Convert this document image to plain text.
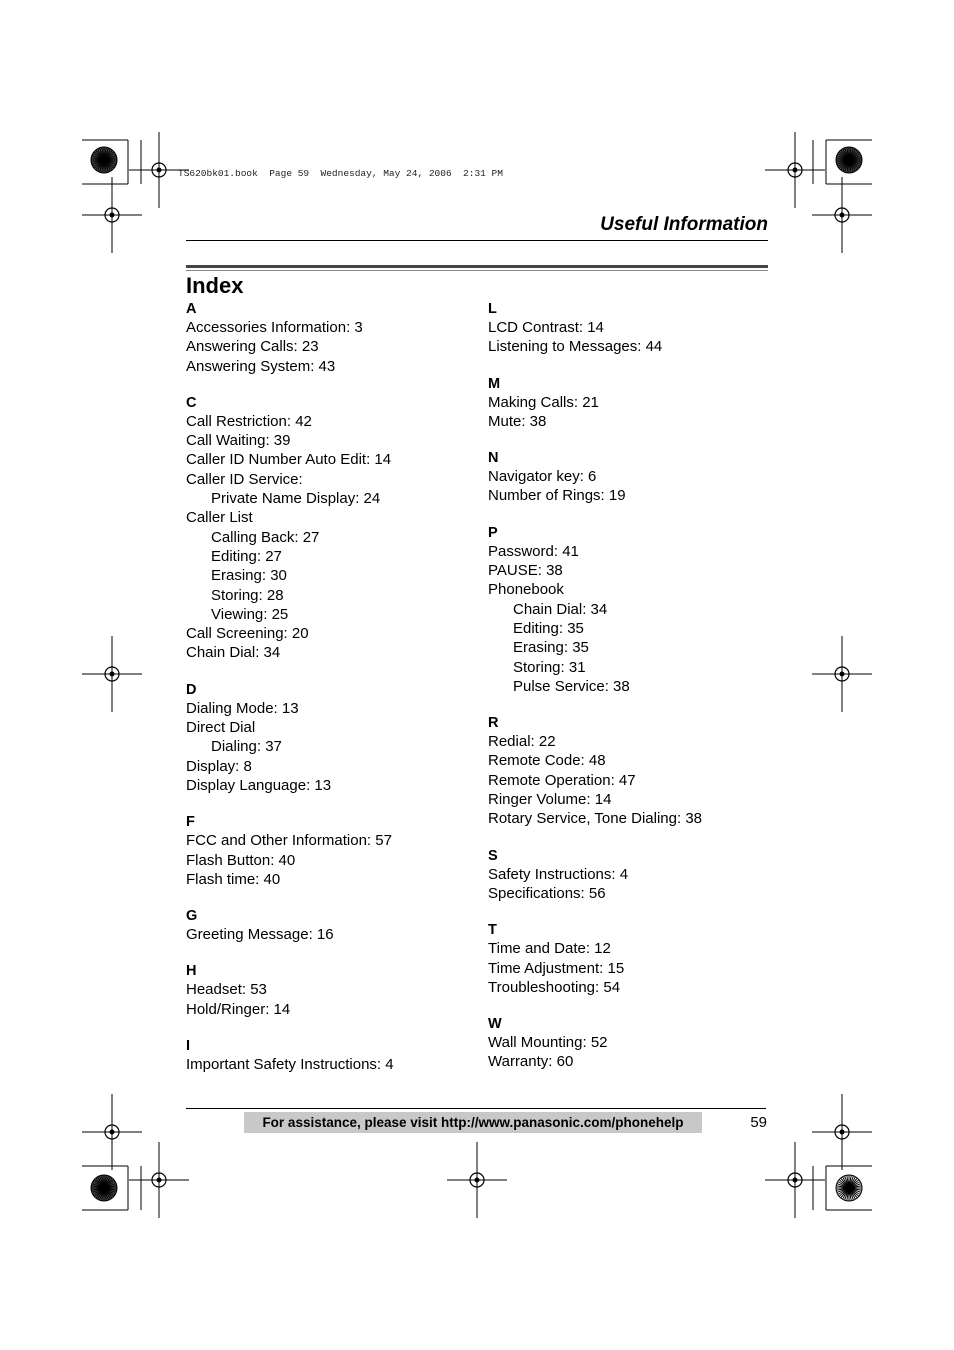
TS620bk01.book  Page 59  Wednesday, May 24, 2006  2:31 PM
Useful Information
Index
A
Accessories Information: 3
Answering Calls: 23
Answering System: 43
C
Call Restriction: 42
Call Waiting: 39
Caller ID Number Auto Edit: 14
Caller ID Service:
Private Name Display: 24
Caller List
Calling Back: 27
Editing: 27
Erasing: 30
Storing: 28
Viewing: 25
Call Screening: 20
Chain Dial: 34
D
Dialing Mode: 13
Direct Dial
Dialing: 37
Display: 8
Display Language: 13
F
FCC and Other Information: 57
Flash Button: 40
Flash time: 40
G
Greeting Message: 16
H
Headset: 53
Hold/Ringer: 14
I
Important Safety Instructions: 4
L
LCD Contrast: 14
Listening to Messages: 44
M
Making Calls: 21
Mute: 38
N
Navigator key: 6
Number of Rings: 19
P
Password: 41
PAUSE: 38
Phonebook
Chain Dial: 34
Editing: 35
Erasing: 35
Storing: 31
Pulse Service: 38
R
Redial: 22
Remote Code: 48
Remote Operation: 47
Ringer Volume: 14
Rotary Service, Tone Dialing: 38
S
Safety Instructions: 4
Specifications: 56
T
Time and Date: 12
Time Adjustment: 15
Troubleshooting: 54
W
Wall Mounting: 52
Warranty: 60
For assistance, please visit http://www.panasonic.com/phonehelp	59
